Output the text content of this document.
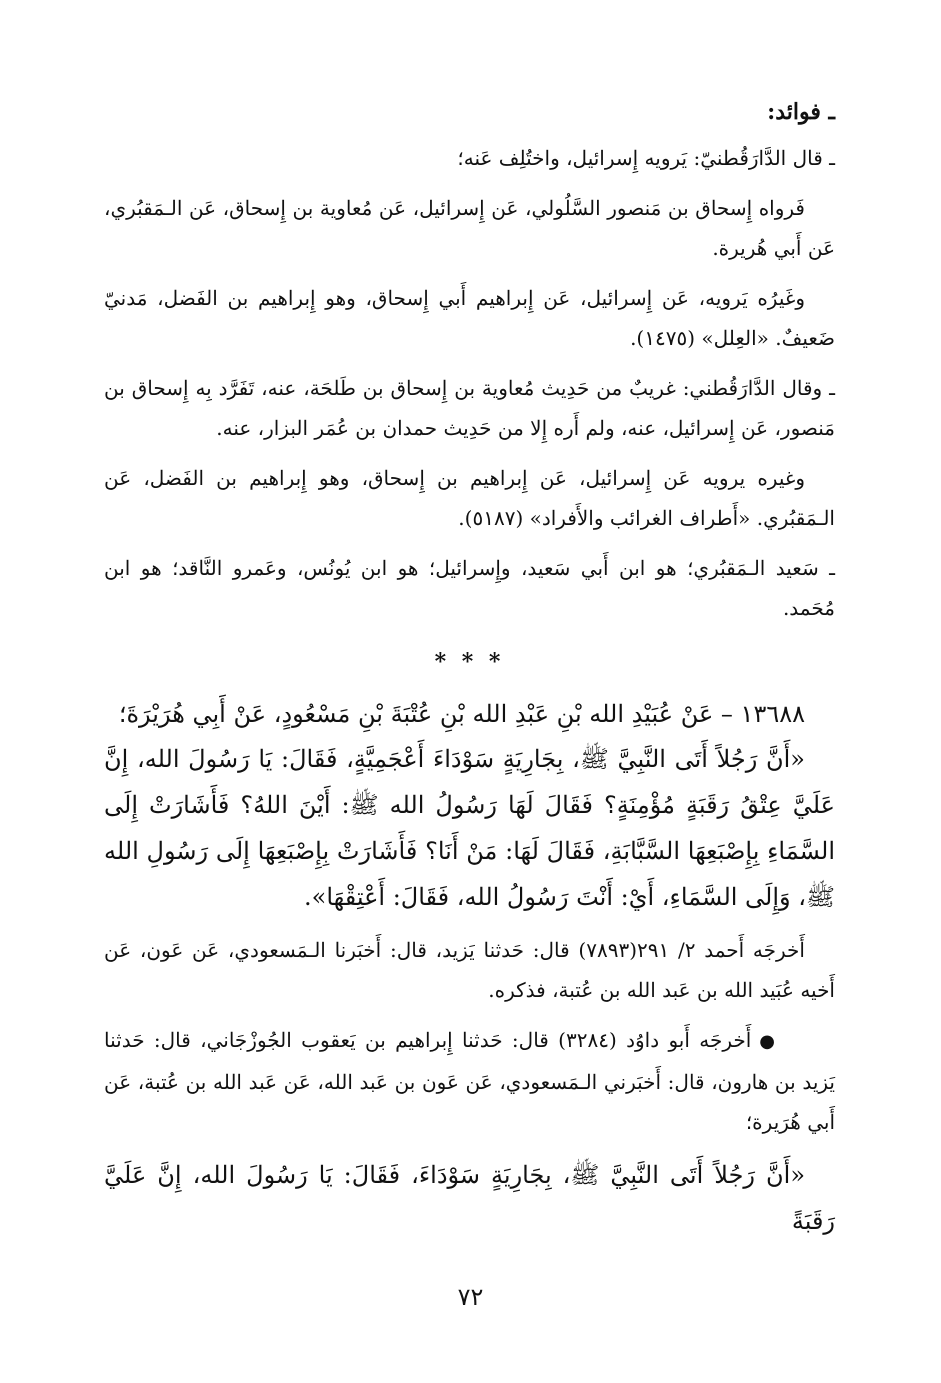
ـ فوائد:

ـ قال الدَّارَقُطنيّ: يَرويه إِسرائيل، واختُلِف عَنه؛

فَرواه إِسحاق بن مَنصور السَّلُولي، عَن إِسرائيل، عَن مُعاوية بن إِسحاق، عَن الـمَقبُري، عَن أَبي هُريرة.

وغَيرُه يَرويه، عَن إِسرائيل، عَن إِبراهيم أَبي إِسحاق، وهو إِبراهيم بن الفَضل، مَدنيّ ضَعيفٌ. «العِلل» (١٤٧٥).

ـ وقال الدَّارَقُطني: غريبٌ من حَدِيث مُعاوية بن إِسحاق بن طَلحَة، عنه، تَفَرَّد بِه إِسحاق بن مَنصور، عَن إِسرائيل، عنه، ولم أَره إِلا من حَدِيث حمدان بن عُمَر البزار، عنه.

وغيره يرويه عَن إِسرائيل، عَن إِبراهيم بن إِسحاق، وهو إِبراهيم بن الفَضل، عَن الـمَقبُري. «أَطراف الغرائب والأَفراد» (٥١٨٧).

ـ سَعيد الـمَقبُري؛ هو ابن أَبي سَعيد، وإِسرائيل؛ هو ابن يُونُس، وعَمرو النَّاقد؛ هو ابن مُحَمد.

* * *

١٣٦٨٨ – عَنْ عُبَيْدِ الله بْنِ عَبْدِ الله بْنِ عُتْبَةَ بْنِ مَسْعُودٍ، عَنْ أَبِي هُرَيْرَةَ؛

«أَنَّ رَجُلاً أَتَى النَّبِيَّ ﷺ، بِجَارِيَةٍ سَوْدَاءَ أَعْجَمِيَّةٍ، فَقَالَ: يَا رَسُولَ الله، إِنَّ عَلَيَّ عِتْقُ رَقَبَةٍ مُؤْمِنَةٍ؟ فَقَالَ لَهَا رَسُولُ الله ﷺ: أَيْنَ اللهُ؟ فَأَشَارَتْ إِلَى السَّمَاءِ بِإِصْبَعِهَا السَّبَّابَةِ، فَقَالَ لَهَا: مَنْ أَنَا؟ فَأَشَارَتْ بِإِصْبَعِهَا إِلَى رَسُولِ الله ﷺ، وَإِلَى السَّمَاءِ، أَيْ: أَنْتَ رَسُولُ الله، فَقَالَ: أَعْتِقْهَا».

أَخرجَه أَحمد ٢/ ٢٩١(٧٨٩٣) قال: حَدثنا يَزيد، قال: أَخبَرنا الـمَسعودي، عَن عَون، عَن أَخيه عُبَيد الله بن عَبد الله بن عُتبة، فذكره.

●أَخرجَه أَبو داوُد (٣٢٨٤) قال: حَدثنا إِبراهيم بن يَعقوب الجُوزْجَاني، قال: حَدثنا يَزيد بن هارون، قال: أَخبَرني الـمَسعودي، عَن عَون بن عَبد الله، عَن عَبد الله بن عُتبة، عَن أَبي هُرَيرة؛

«أَنَّ رَجُلاً أَتَى النَّبِيَّ ﷺ، بِجَارِيَةٍ سَوْدَاءَ، فَقَالَ: يَا رَسُولَ الله، إِنَّ عَلَيَّ رَقَبَةً

٧٢
